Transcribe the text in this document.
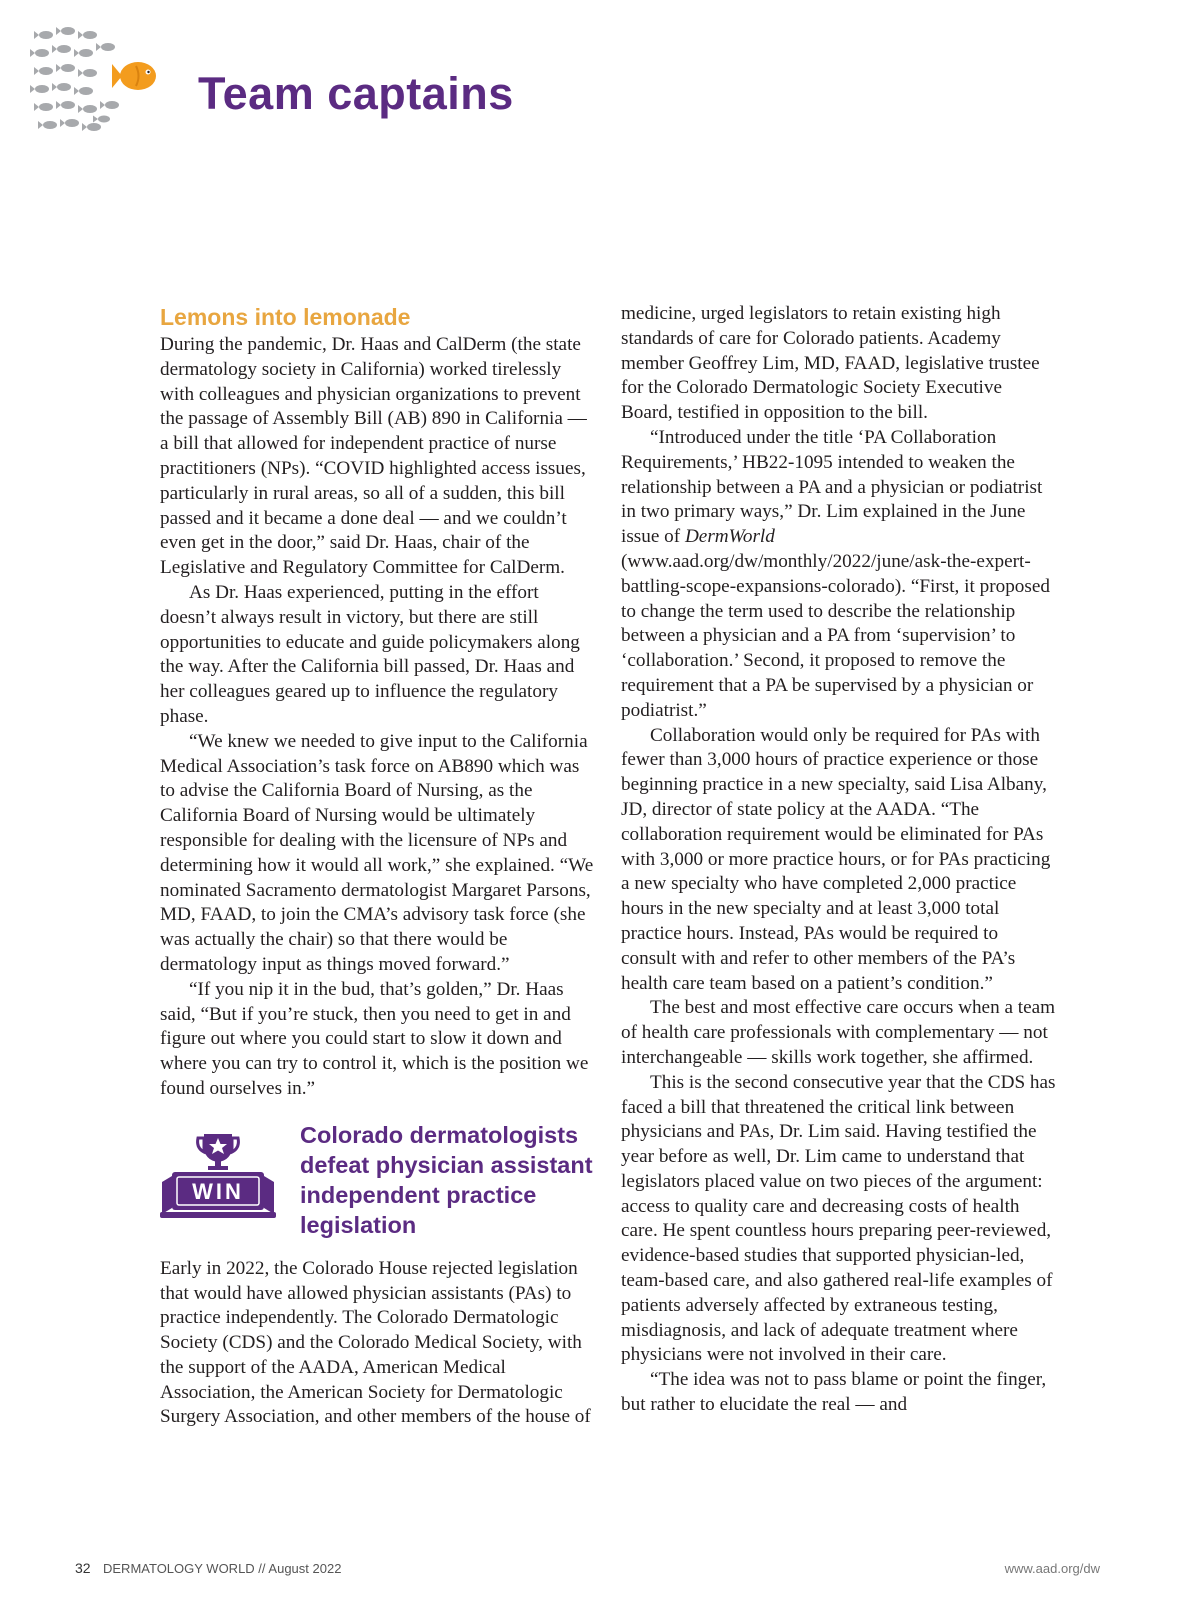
Team captains
Lemons into lemonade

During the pandemic, Dr. Haas and CalDerm (the state dermatology society in California) worked tirelessly with colleagues and physician organizations to prevent the passage of Assembly Bill (AB) 890 in California — a bill that allowed for independent practice of nurse practitioners (NPs). “COVID highlighted access issues, particularly in rural areas, so all of a sudden, this bill passed and it became a done deal — and we couldn’t even get in the door,” said Dr. Haas, chair of the Legislative and Regulatory Committee for CalDerm.

As Dr. Haas experienced, putting in the effort doesn’t always result in victory, but there are still opportunities to educate and guide policymakers along the way. After the California bill passed, Dr. Haas and her colleagues geared up to influence the regulatory phase.

“We knew we needed to give input to the California Medical Association’s task force on AB890 which was to advise the California Board of Nursing, as the California Board of Nursing would be ultimately responsible for dealing with the licensure of NPs and determining how it would all work,” she explained. “We nominated Sacramento dermatologist Margaret Parsons, MD, FAAD, to join the CMA’s advisory task force (she was actually the chair) so that there would be dermatology input as things moved forward.”

“If you nip it in the bud, that’s golden,” Dr. Haas said, “But if you’re stuck, then you need to get in and figure out where you could start to slow it down and where you can try to control it, which is the position we found ourselves in.”

WIN
Colorado dermatologists defeat physician assistant independent practice legislation

Early in 2022, the Colorado House rejected legislation that would have allowed physician assistants (PAs) to practice independently. The Colorado Dermatologic Society (CDS) and the Colorado Medical Society, with the support of the AADA, American Medical Association, the American Society for Dermatologic Surgery Association, and other members of the house of

medicine, urged legislators to retain existing high standards of care for Colorado patients. Academy member Geoffrey Lim, MD, FAAD, legislative trustee for the Colorado Dermatologic Society Executive Board, testified in opposition to the bill.

“Introduced under the title ‘PA Collaboration Requirements,’ HB22-1095 intended to weaken the relationship between a PA and a physician or podiatrist in two primary ways,” Dr. Lim explained in the June issue of DermWorld (www.aad.org/dw/monthly/2022/june/ask-the-expert-battling-scope-expansions-colorado). “First, it proposed to change the term used to describe the relationship between a physician and a PA from ‘supervision’ to ‘collaboration.’ Second, it proposed to remove the requirement that a PA be supervised by a physician or podiatrist.”

Collaboration would only be required for PAs with fewer than 3,000 hours of practice experience or those beginning practice in a new specialty, said Lisa Albany, JD, director of state policy at the AADA. “The collaboration requirement would be eliminated for PAs with 3,000 or more practice hours, or for PAs practicing a new specialty who have completed 2,000 practice hours in the new specialty and at least 3,000 total practice hours. Instead, PAs would be required to consult with and refer to other members of the PA’s health care team based on a patient’s condition.”

The best and most effective care occurs when a team of health care professionals with complementary — not interchangeable — skills work together, she affirmed.

This is the second consecutive year that the CDS has faced a bill that threatened the critical link between physicians and PAs, Dr. Lim said. Having testified the year before as well, Dr. Lim came to understand that legislators placed value on two pieces of the argument: access to quality care and decreasing costs of health care. He spent countless hours preparing peer-reviewed, evidence-based studies that supported physician-led, team-based care, and also gathered real-life examples of patients adversely affected by extraneous testing, misdiagnosis, and lack of adequate treatment where physicians were not involved in their care.

“The idea was not to pass blame or point the finger, but rather to elucidate the real — and

32 DERMATOLOGY WORLD // August 2022	www.aad.org/dw
